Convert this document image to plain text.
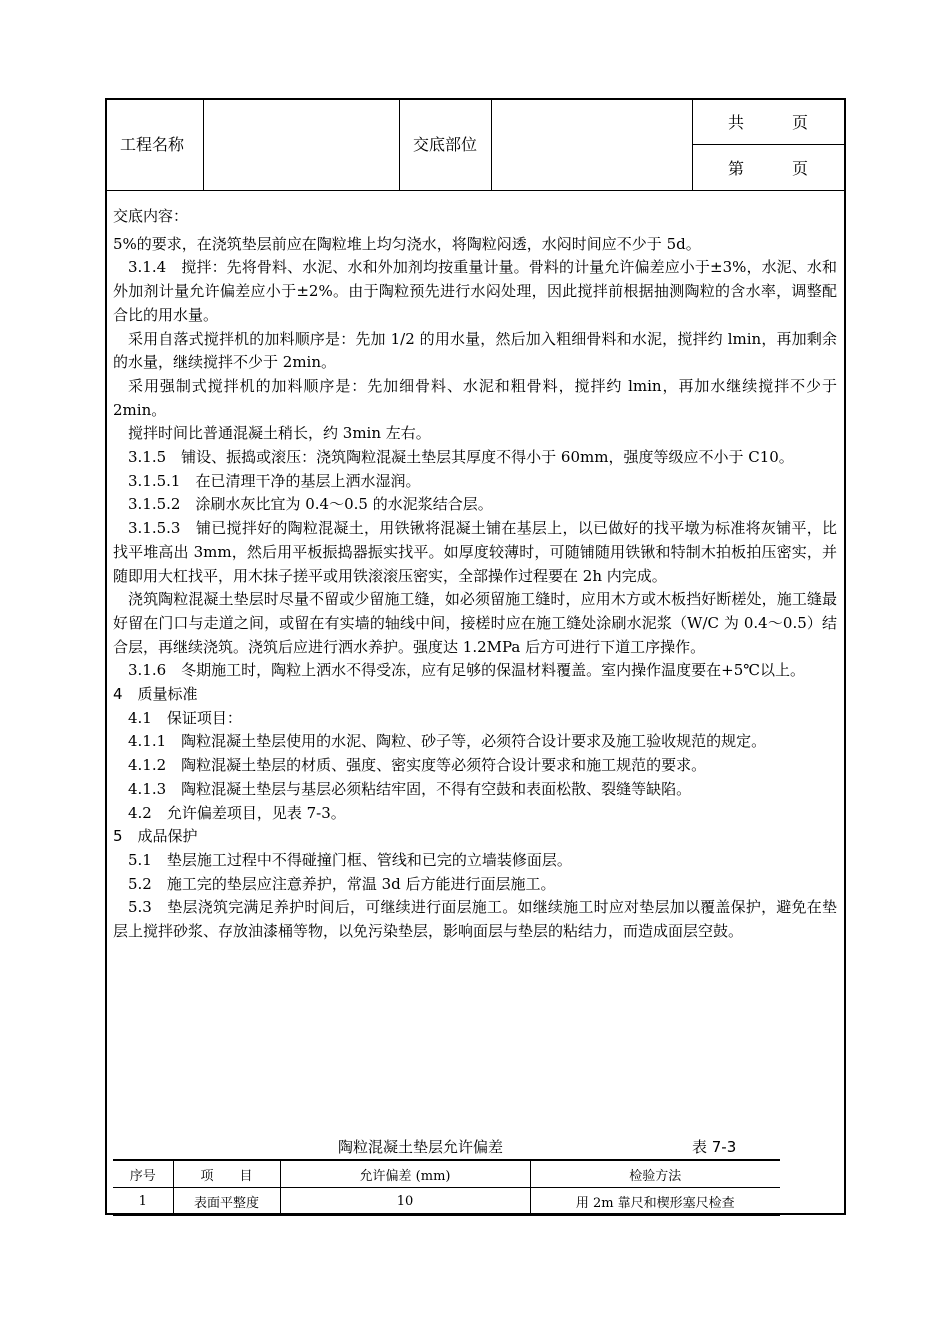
工程名称	交底部位
共　　　页
第　　　页

交底内容：

5%的要求，在浇筑垫层前应在陶粒堆上均匀浇水，将陶粒闷透，水闷时间应不少于 5d。

3.1.4　搅拌：先将骨料、水泥、水和外加剂均按重量计量。骨料的计量允许偏差应小于±3%，水泥、水和外加剂计量允许偏差应小于±2%。由于陶粒预先进行水闷处理，因此搅拌前根据抽测陶粒的含水率，调整配合比的用水量。

采用自落式搅拌机的加料顺序是：先加 1/2 的用水量，然后加入粗细骨料和水泥，搅拌约 lmin，再加剩余的水量，继续搅拌不少于 2min。

采用强制式搅拌机的加料顺序是：先加细骨料、水泥和粗骨料，搅拌约 lmin，再加水继续搅拌不少于 2min。

搅拌时间比普通混凝土稍长，约 3min 左右。

3.1.5　铺设、振捣或滚压：浇筑陶粒混凝土垫层其厚度不得小于 60mm，强度等级应不小于 C10。

3.1.5.1　在已清理干净的基层上洒水湿润。

3.1.5.2　涂刷水灰比宜为 0.4～0.5 的水泥浆结合层。

3.1.5.3　铺已搅拌好的陶粒混凝土，用铁锹将混凝土铺在基层上，以已做好的找平墩为标准将灰铺平，比找平堆高出 3mm，然后用平板振捣器振实找平。如厚度较薄时，可随铺随用铁锹和特制木拍板拍压密实，并随即用大杠找平，用木抹子搓平或用铁滚滚压密实，全部操作过程要在 2h 内完成。

浇筑陶粒混凝土垫层时尽量不留或少留施工缝，如必须留施工缝时，应用木方或木板挡好断槎处，施工缝最好留在门口与走道之间，或留在有实墙的轴线中间，接槎时应在施工缝处涂刷水泥浆（W/C 为 0.4～0.5）结合层，再继续浇筑。浇筑后应进行洒水养护。强度达 1.2MPa 后方可进行下道工序操作。

3.1.6　冬期施工时，陶粒上洒水不得受冻，应有足够的保温材料覆盖。室内操作温度要在+5℃以上。

4　质量标准

4.1　保证项目：

4.1.1　陶粒混凝土垫层使用的水泥、陶粒、砂子等，必须符合设计要求及施工验收规范的规定。

4.1.2　陶粒混凝土垫层的材质、强度、密实度等必须符合设计要求和施工规范的要求。

4.1.3　陶粒混凝土垫层与基层必须粘结牢固，不得有空鼓和表面松散、裂缝等缺陷。

4.2　允许偏差项目，见表 7-3。

5　成品保护

5.1　垫层施工过程中不得碰撞门框、管线和已完的立墙装修面层。

5.2　施工完的垫层应注意养护，常温 3d 后方能进行面层施工。

5.3　垫层浇筑完满足养护时间后，可继续进行面层施工。如继续施工时应对垫层加以覆盖保护，避免在垫层上搅拌砂浆、存放油漆桶等物，以免污染垫层，影响面层与垫层的粘结力，而造成面层空鼓。

陶粒混凝土垫层允许偏差	表 7-3
序号	项　　目	允许偏差 (mm)	检验方法
1	表面平整度	10	用 2m 靠尺和楔形塞尺检查
